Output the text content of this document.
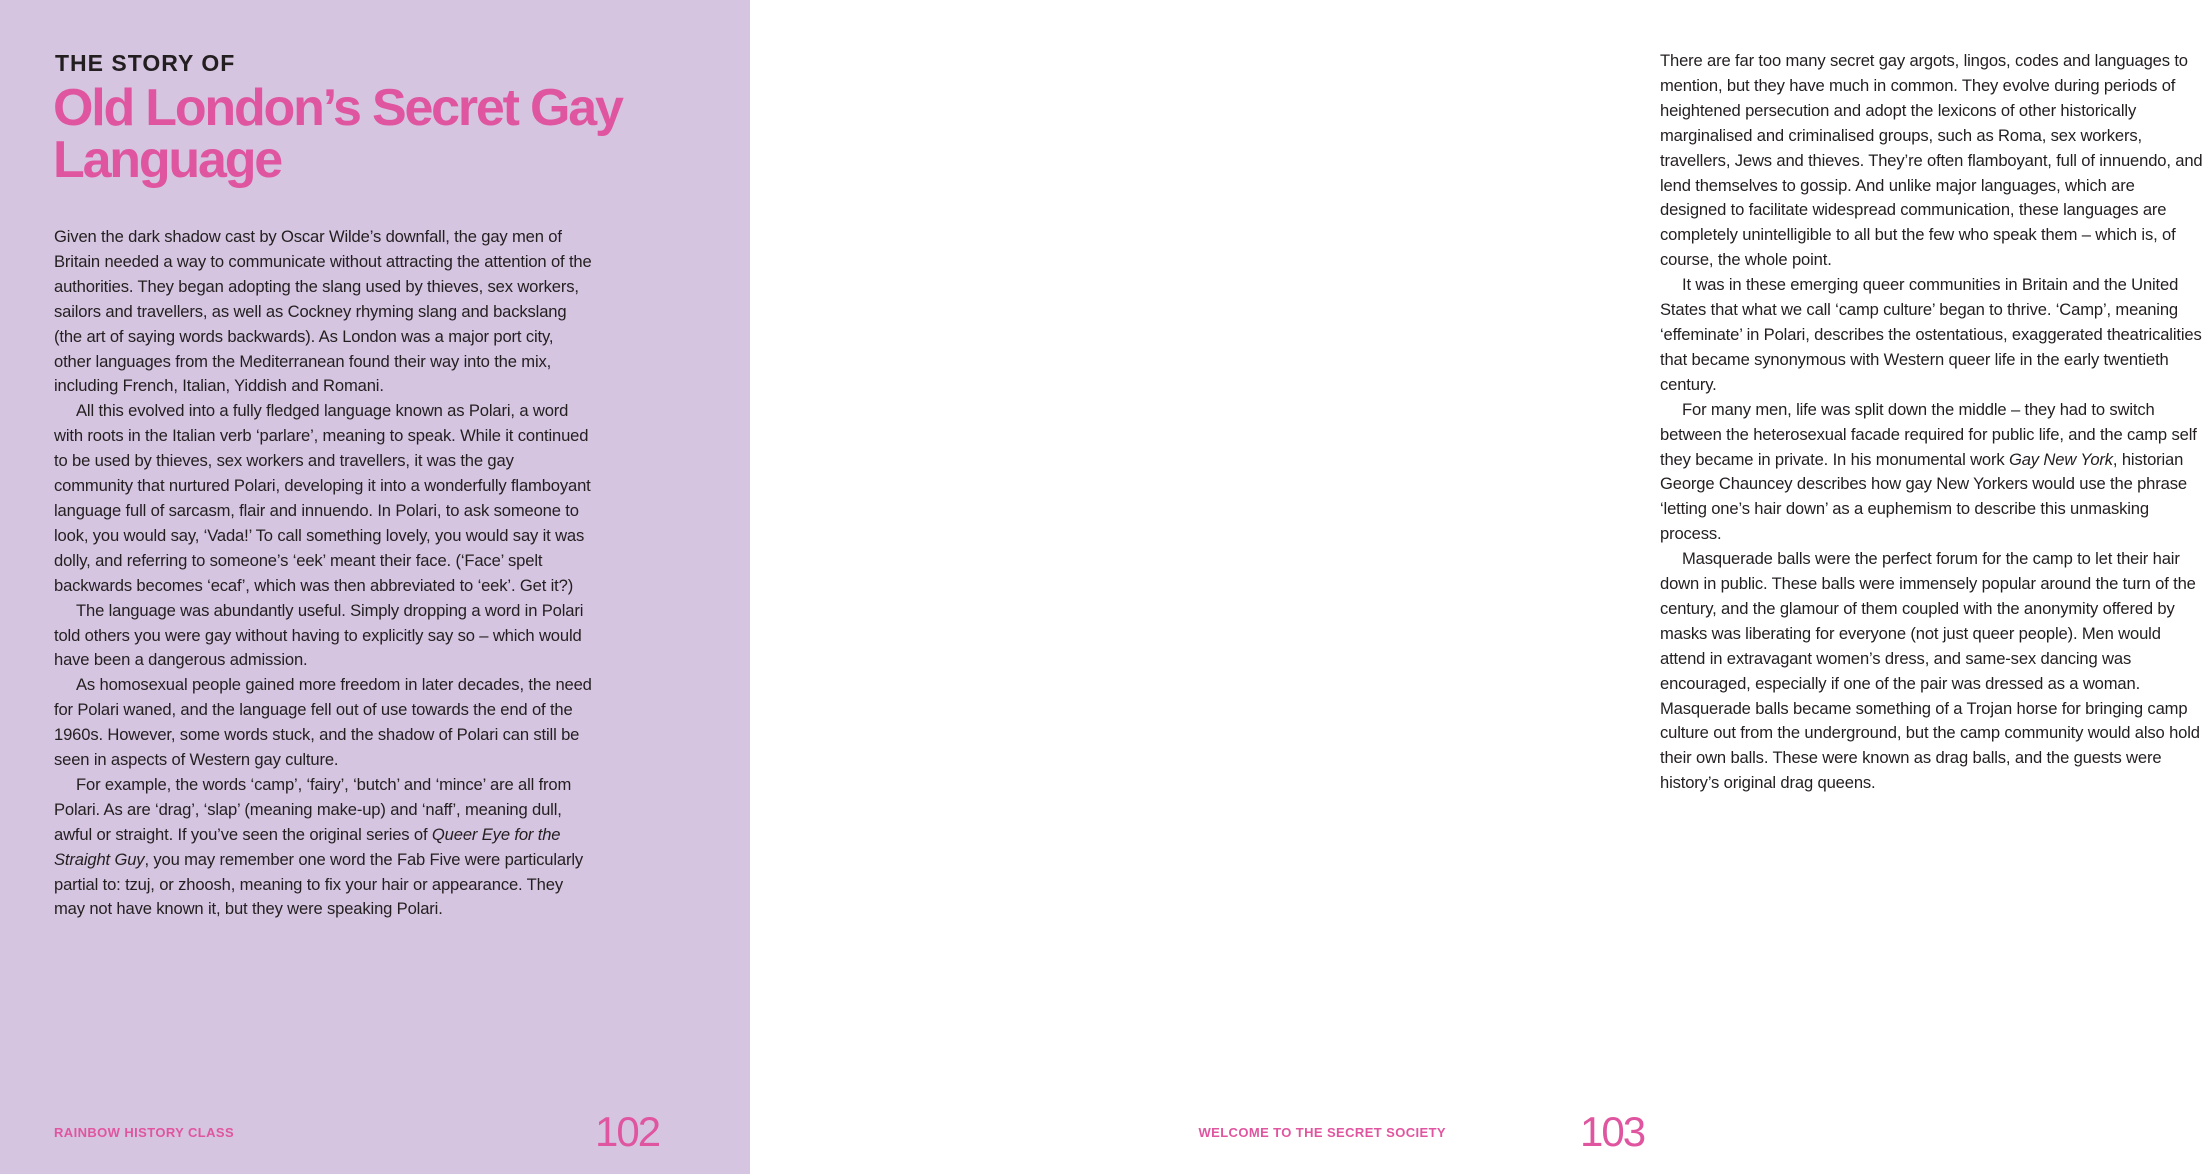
THE STORY OF
Old London’s Secret Gay Language

Given the dark shadow cast by Oscar Wilde’s downfall, the gay men of Britain needed a way to communicate without attracting the attention of the authorities. They began adopting the slang used by thieves, sex workers, sailors and travellers, as well as Cockney rhyming slang and backslang (the art of saying words backwards). As London was a major port city, other languages from the Mediterranean found their way into the mix, including French, Italian, Yiddish and Romani.

All this evolved into a fully fledged language known as Polari, a word with roots in the Italian verb ‘parlare’, meaning to speak. While it continued to be used by thieves, sex workers and travellers, it was the gay community that nurtured Polari, developing it into a wonderfully flamboyant language full of sarcasm, flair and innuendo. In Polari, to ask someone to look, you would say, ‘Vada!’ To call something lovely, you would say it was dolly, and referring to someone’s ‘eek’ meant their face. (‘Face’ spelt backwards becomes ‘ecaf’, which was then abbreviated to ‘eek’. Get it?)

The language was abundantly useful. Simply dropping a word in Polari told others you were gay without having to explicitly say so – which would have been a dangerous admission.

As homosexual people gained more freedom in later decades, the need for Polari waned, and the language fell out of use towards the end of the 1960s. However, some words stuck, and the shadow of Polari can still be seen in aspects of Western gay culture.

For example, the words ‘camp’, ‘fairy’, ‘butch’ and ‘mince’ are all from Polari. As are ‘drag’, ‘slap’ (meaning make-up) and ‘naff’, meaning dull, awful or straight. If you’ve seen the original series of Queer Eye for the Straight Guy, you may remember one word the Fab Five were particularly partial to: tzuj, or zhoosh, meaning to fix your hair or appearance. They may not have known it, but they were speaking Polari.

RAINBOW HISTORY CLASS	102

There are far too many secret gay argots, lingos, codes and languages to mention, but they have much in common. They evolve during periods of heightened persecution and adopt the lexicons of other historically marginalised and criminalised groups, such as Roma, sex workers, travellers, Jews and thieves. They’re often flamboyant, full of innuendo, and lend themselves to gossip. And unlike major languages, which are designed to facilitate widespread communication, these languages are completely unintelligible to all but the few who speak them – which is, of course, the whole point.

It was in these emerging queer communities in Britain and the United States that what we call ‘camp culture’ began to thrive. ‘Camp’, meaning ‘effeminate’ in Polari, describes the ostentatious, exaggerated theatricalities that became synonymous with Western queer life in the early twentieth century.

For many men, life was split down the middle – they had to switch between the heterosexual facade required for public life, and the camp self they became in private. In his monumental work Gay New York, historian George Chauncey describes how gay New Yorkers would use the phrase ‘letting one’s hair down’ as a euphemism to describe this unmasking process.

Masquerade balls were the perfect forum for the camp to let their hair down in public. These balls were immensely popular around the turn of the century, and the glamour of them coupled with the anonymity offered by masks was liberating for everyone (not just queer people). Men would attend in extravagant women’s dress, and same-sex dancing was encouraged, especially if one of the pair was dressed as a woman. Masquerade balls became something of a Trojan horse for bringing camp culture out from the underground, but the camp community would also hold their own balls. These were known as drag balls, and the guests were history’s original drag queens.

103
WELCOME TO THE SECRET SOCIETY
